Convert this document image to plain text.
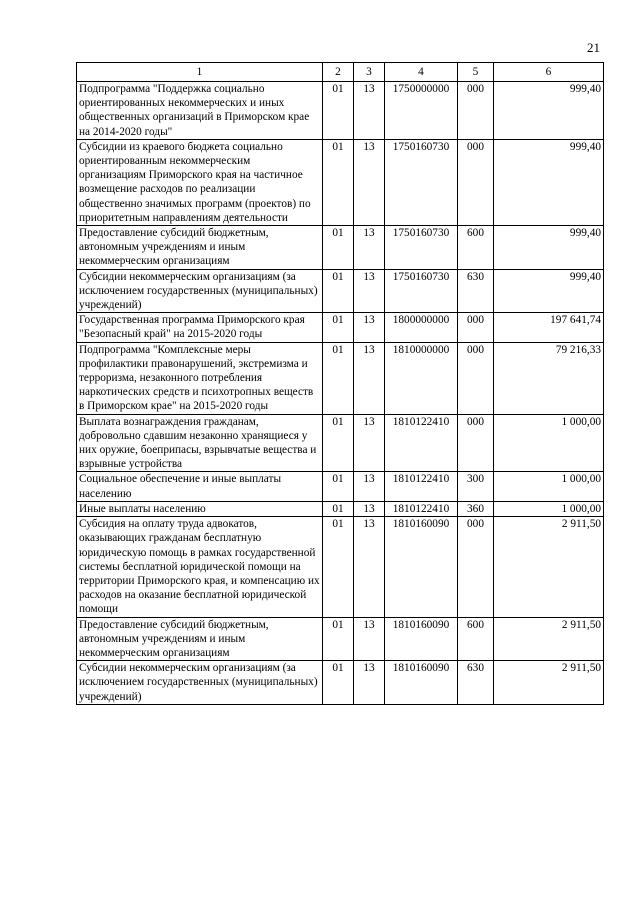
21
1	2	3	4	5	6
Подпрограмма "Поддержка социально ориентированных некоммерческих и иных общественных организаций в Приморском крае на 2014-2020 годы"	01	13	1750000000	000	999,40
Субсидии из краевого бюджета социально ориентированным некоммерческим организациям Приморского края на частичное возмещение расходов по реализации общественно значимых программ (проектов) по приоритетным направлениям деятельности	01	13	1750160730	000	999,40
Предоставление субсидий бюджетным, автономным учреждениям и иным некоммерческим организациям	01	13	1750160730	600	999,40
Субсидии некоммерческим организациям (за исключением государственных (муниципальных) учреждений)	01	13	1750160730	630	999,40
Государственная программа Приморского края "Безопасный край" на 2015-2020 годы	01	13	1800000000	000	197 641,74
Подпрограмма "Комплексные меры профилактики правонарушений, экстремизма и терроризма, незаконного потребления наркотических средств и психотропных веществ в Приморском крае" на 2015-2020 годы	01	13	1810000000	000	79 216,33
Выплата вознаграждения гражданам, добровольно сдавшим незаконно хранящиеся у них оружие, боеприпасы, взрывчатые вещества и взрывные устройства	01	13	1810122410	000	1 000,00
Социальное обеспечение и иные выплаты населению	01	13	1810122410	300	1 000,00
Иные выплаты населению	01	13	1810122410	360	1 000,00
Субсидия на оплату труда адвокатов, оказывающих гражданам бесплатную юридическую помощь в рамках государственной системы бесплатной юридической помощи на территории Приморского края, и компенсацию их расходов на оказание бесплатной юридической помощи	01	13	1810160090	000	2 911,50
Предоставление субсидий бюджетным, автономным учреждениям и иным некоммерческим организациям	01	13	1810160090	600	2 911,50
Субсидии некоммерческим организациям (за исключением государственных (муниципальных) учреждений)	01	13	1810160090	630	2 911,50
